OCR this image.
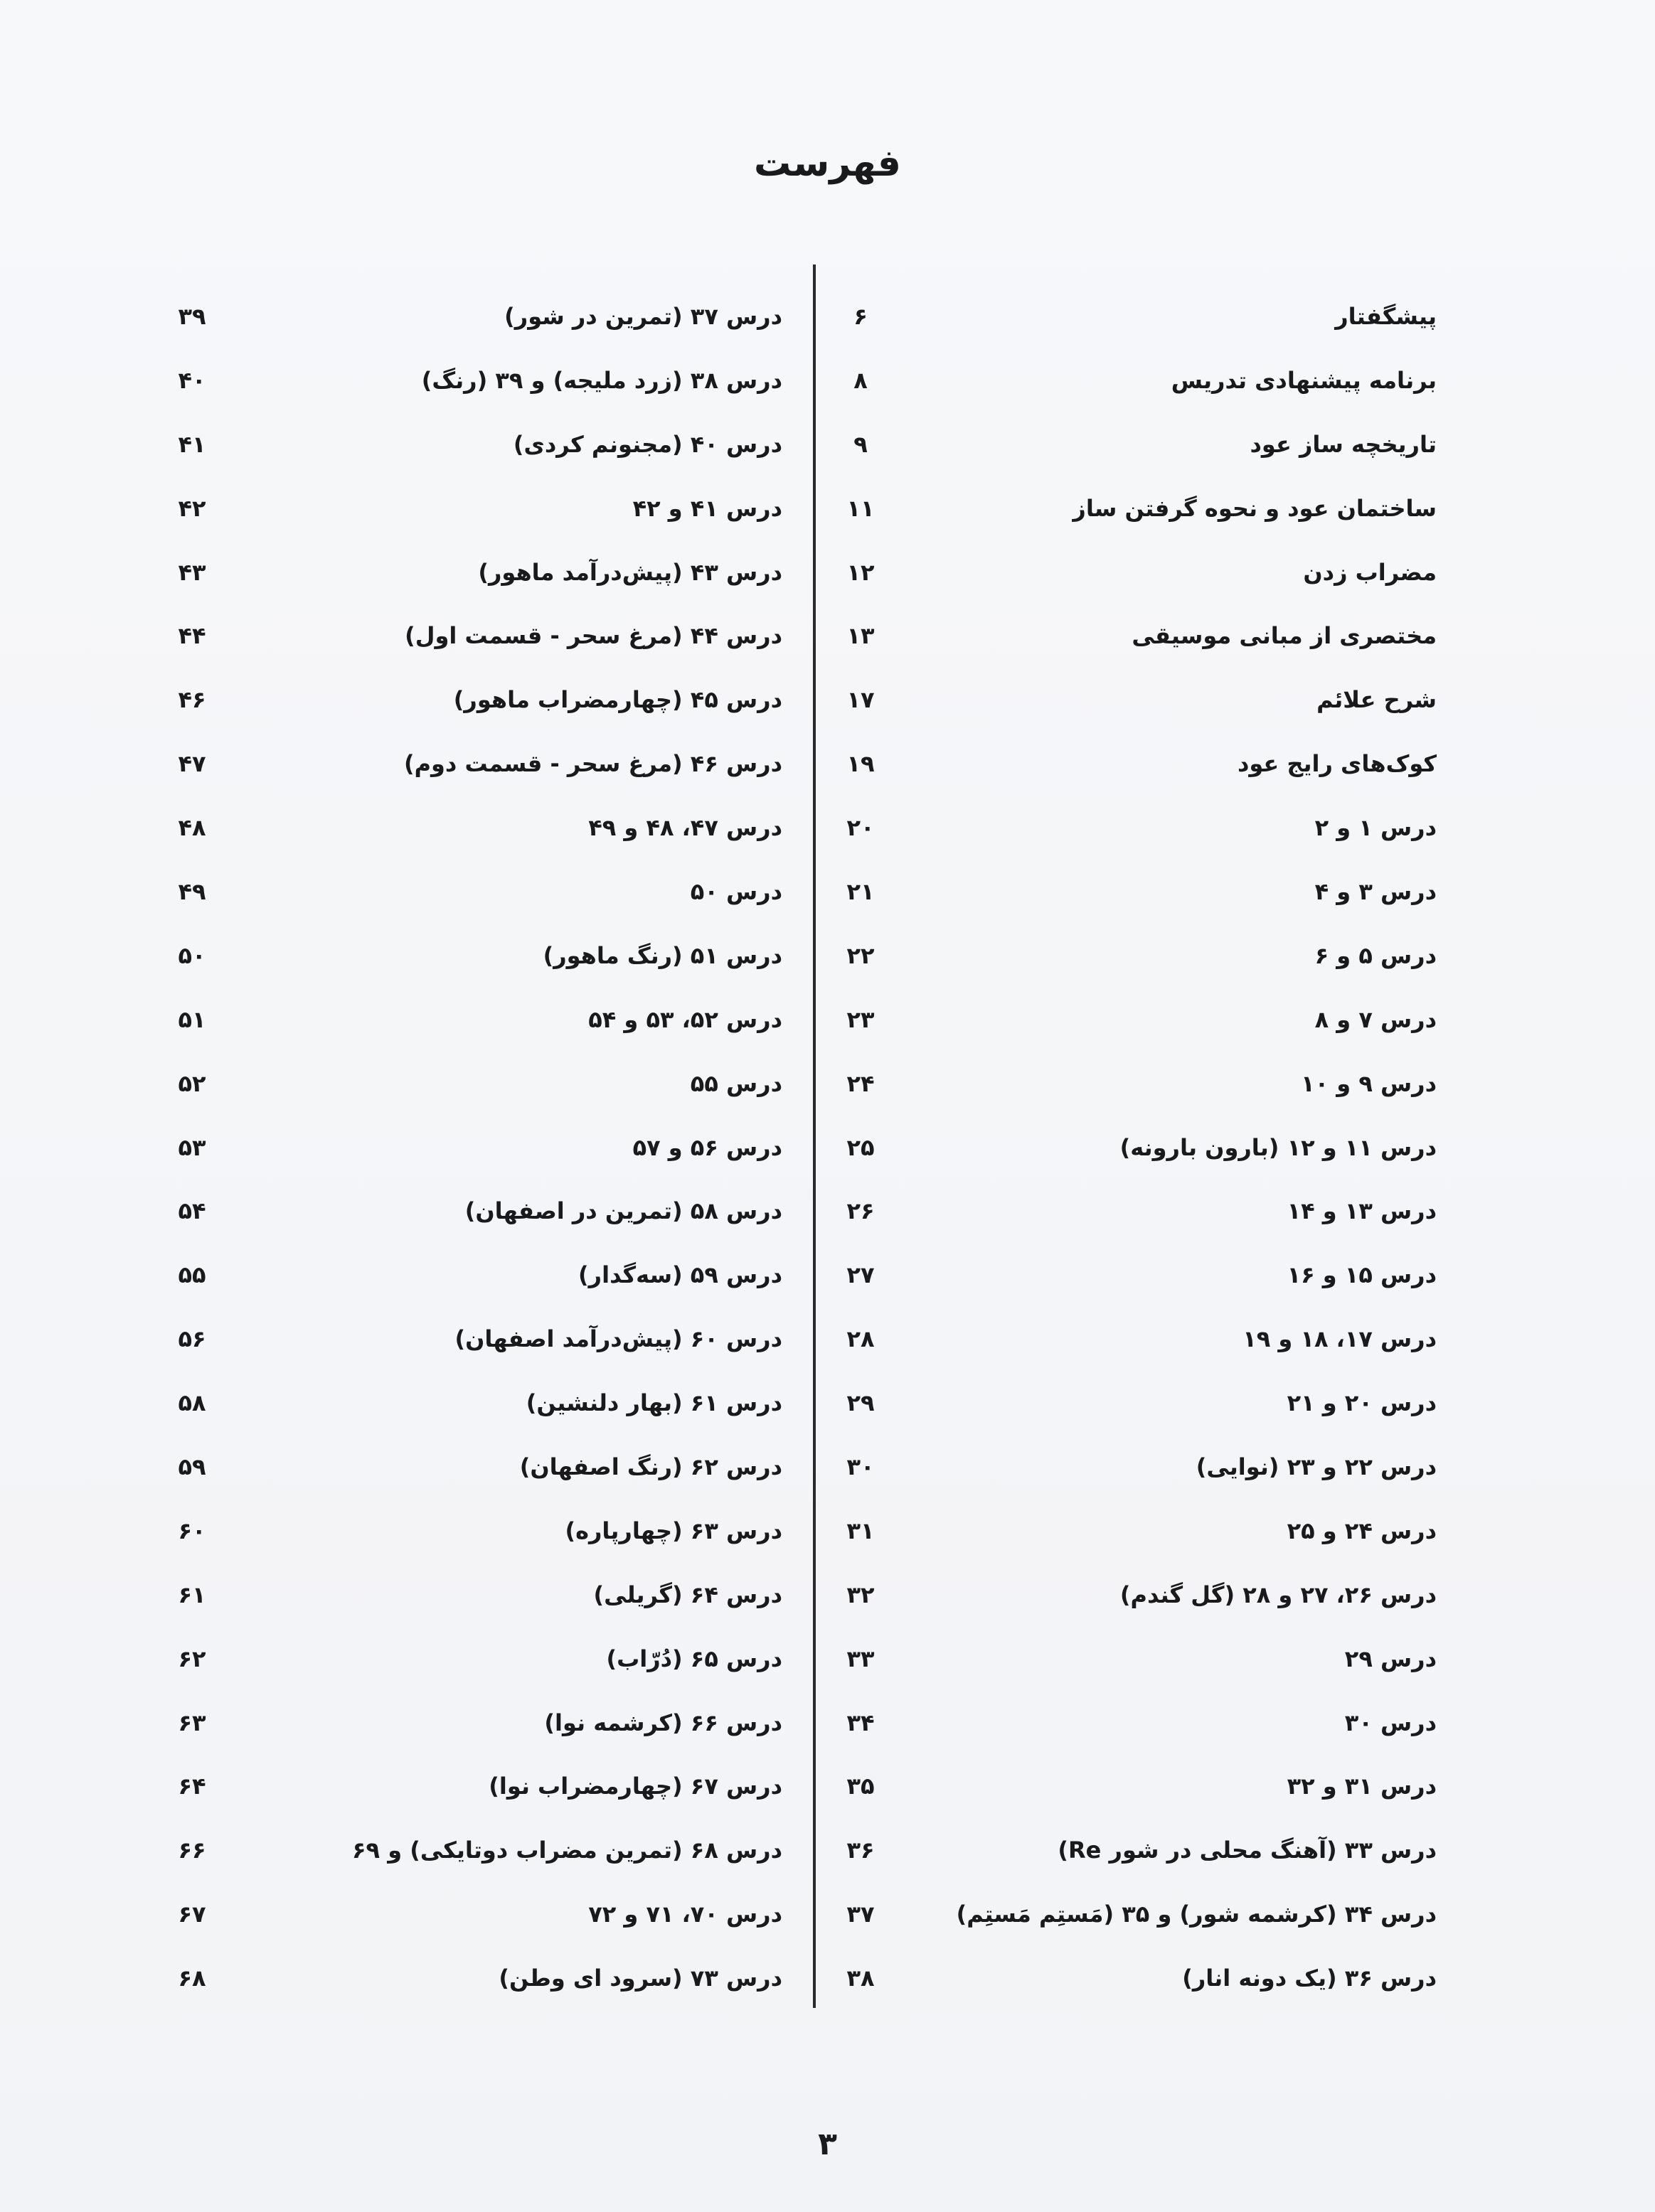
فهرست
پیشگفتار
۶
برنامه پیشنهادی تدریس
۸
تاریخچه ساز عود
۹
ساختمان عود و نحوه گرفتن ساز
۱۱
مضراب زدن
۱۲
مختصری از مبانی موسیقی
۱۳
شرح علائم
۱۷
کوک‌های رایج عود
۱۹
درس ۱ و ۲
۲۰
درس ۳ و ۴
۲۱
درس ۵ و ۶
۲۲
درس ۷ و ۸
۲۳
درس ۹ و ۱۰
۲۴
درس ۱۱ و ۱۲ (بارون بارونه)
۲۵
درس ۱۳ و ۱۴
۲۶
درس ۱۵ و ۱۶
۲۷
درس ۱۷، ۱۸ و ۱۹
۲۸
درس ۲۰ و ۲۱
۲۹
درس ۲۲ و ۲۳ (نوایی)
۳۰
درس ۲۴ و ۲۵
۳۱
درس ۲۶، ۲۷ و ۲۸ (گل گندم)
۳۲
درس ۲۹
۳۳
درس ۳۰
۳۴
درس ۳۱ و ۳۲
۳۵
درس ۳۳ (آهنگ محلی در شور Re)
۳۶
درس ۳۴ (کرشمه شور) و ۳۵ (مَستِم مَستِم)
۳۷
درس ۳۶ (یک دونه انار)
۳۸
درس ۳۷ (تمرین در شور)
۳۹
درس ۳۸ (زرد ملیجه) و ۳۹ (رنگ)
۴۰
درس ۴۰ (مجنونم کردی)
۴۱
درس ۴۱ و ۴۲
۴۲
درس ۴۳ (پیش‌درآمد ماهور)
۴۳
درس ۴۴ (مرغ سحر - قسمت اول)
۴۴
درس ۴۵ (چهارمضراب ماهور)
۴۶
درس ۴۶ (مرغ سحر - قسمت دوم)
۴۷
درس ۴۷، ۴۸ و ۴۹
۴۸
درس ۵۰
۴۹
درس ۵۱ (رنگ ماهور)
۵۰
درس ۵۲، ۵۳ و ۵۴
۵۱
درس ۵۵
۵۲
درس ۵۶ و ۵۷
۵۳
درس ۵۸ (تمرین در اصفهان)
۵۴
درس ۵۹ (سه‌گدار)
۵۵
درس ۶۰ (پیش‌درآمد اصفهان)
۵۶
درس ۶۱ (بهار دلنشین)
۵۸
درس ۶۲ (رنگ اصفهان)
۵۹
درس ۶۳ (چهارپاره)
۶۰
درس ۶۴ (گریلی)
۶۱
درس ۶۵ (دُرّاب)
۶۲
درس ۶۶ (کرشمه نوا)
۶۳
درس ۶۷ (چهارمضراب نوا)
۶۴
درس ۶۸ (تمرین مضراب دوتایکی) و ۶۹
۶۶
درس ۷۰، ۷۱ و ۷۲
۶۷
درس ۷۳ (سرود ای وطن)
۶۸
۳
